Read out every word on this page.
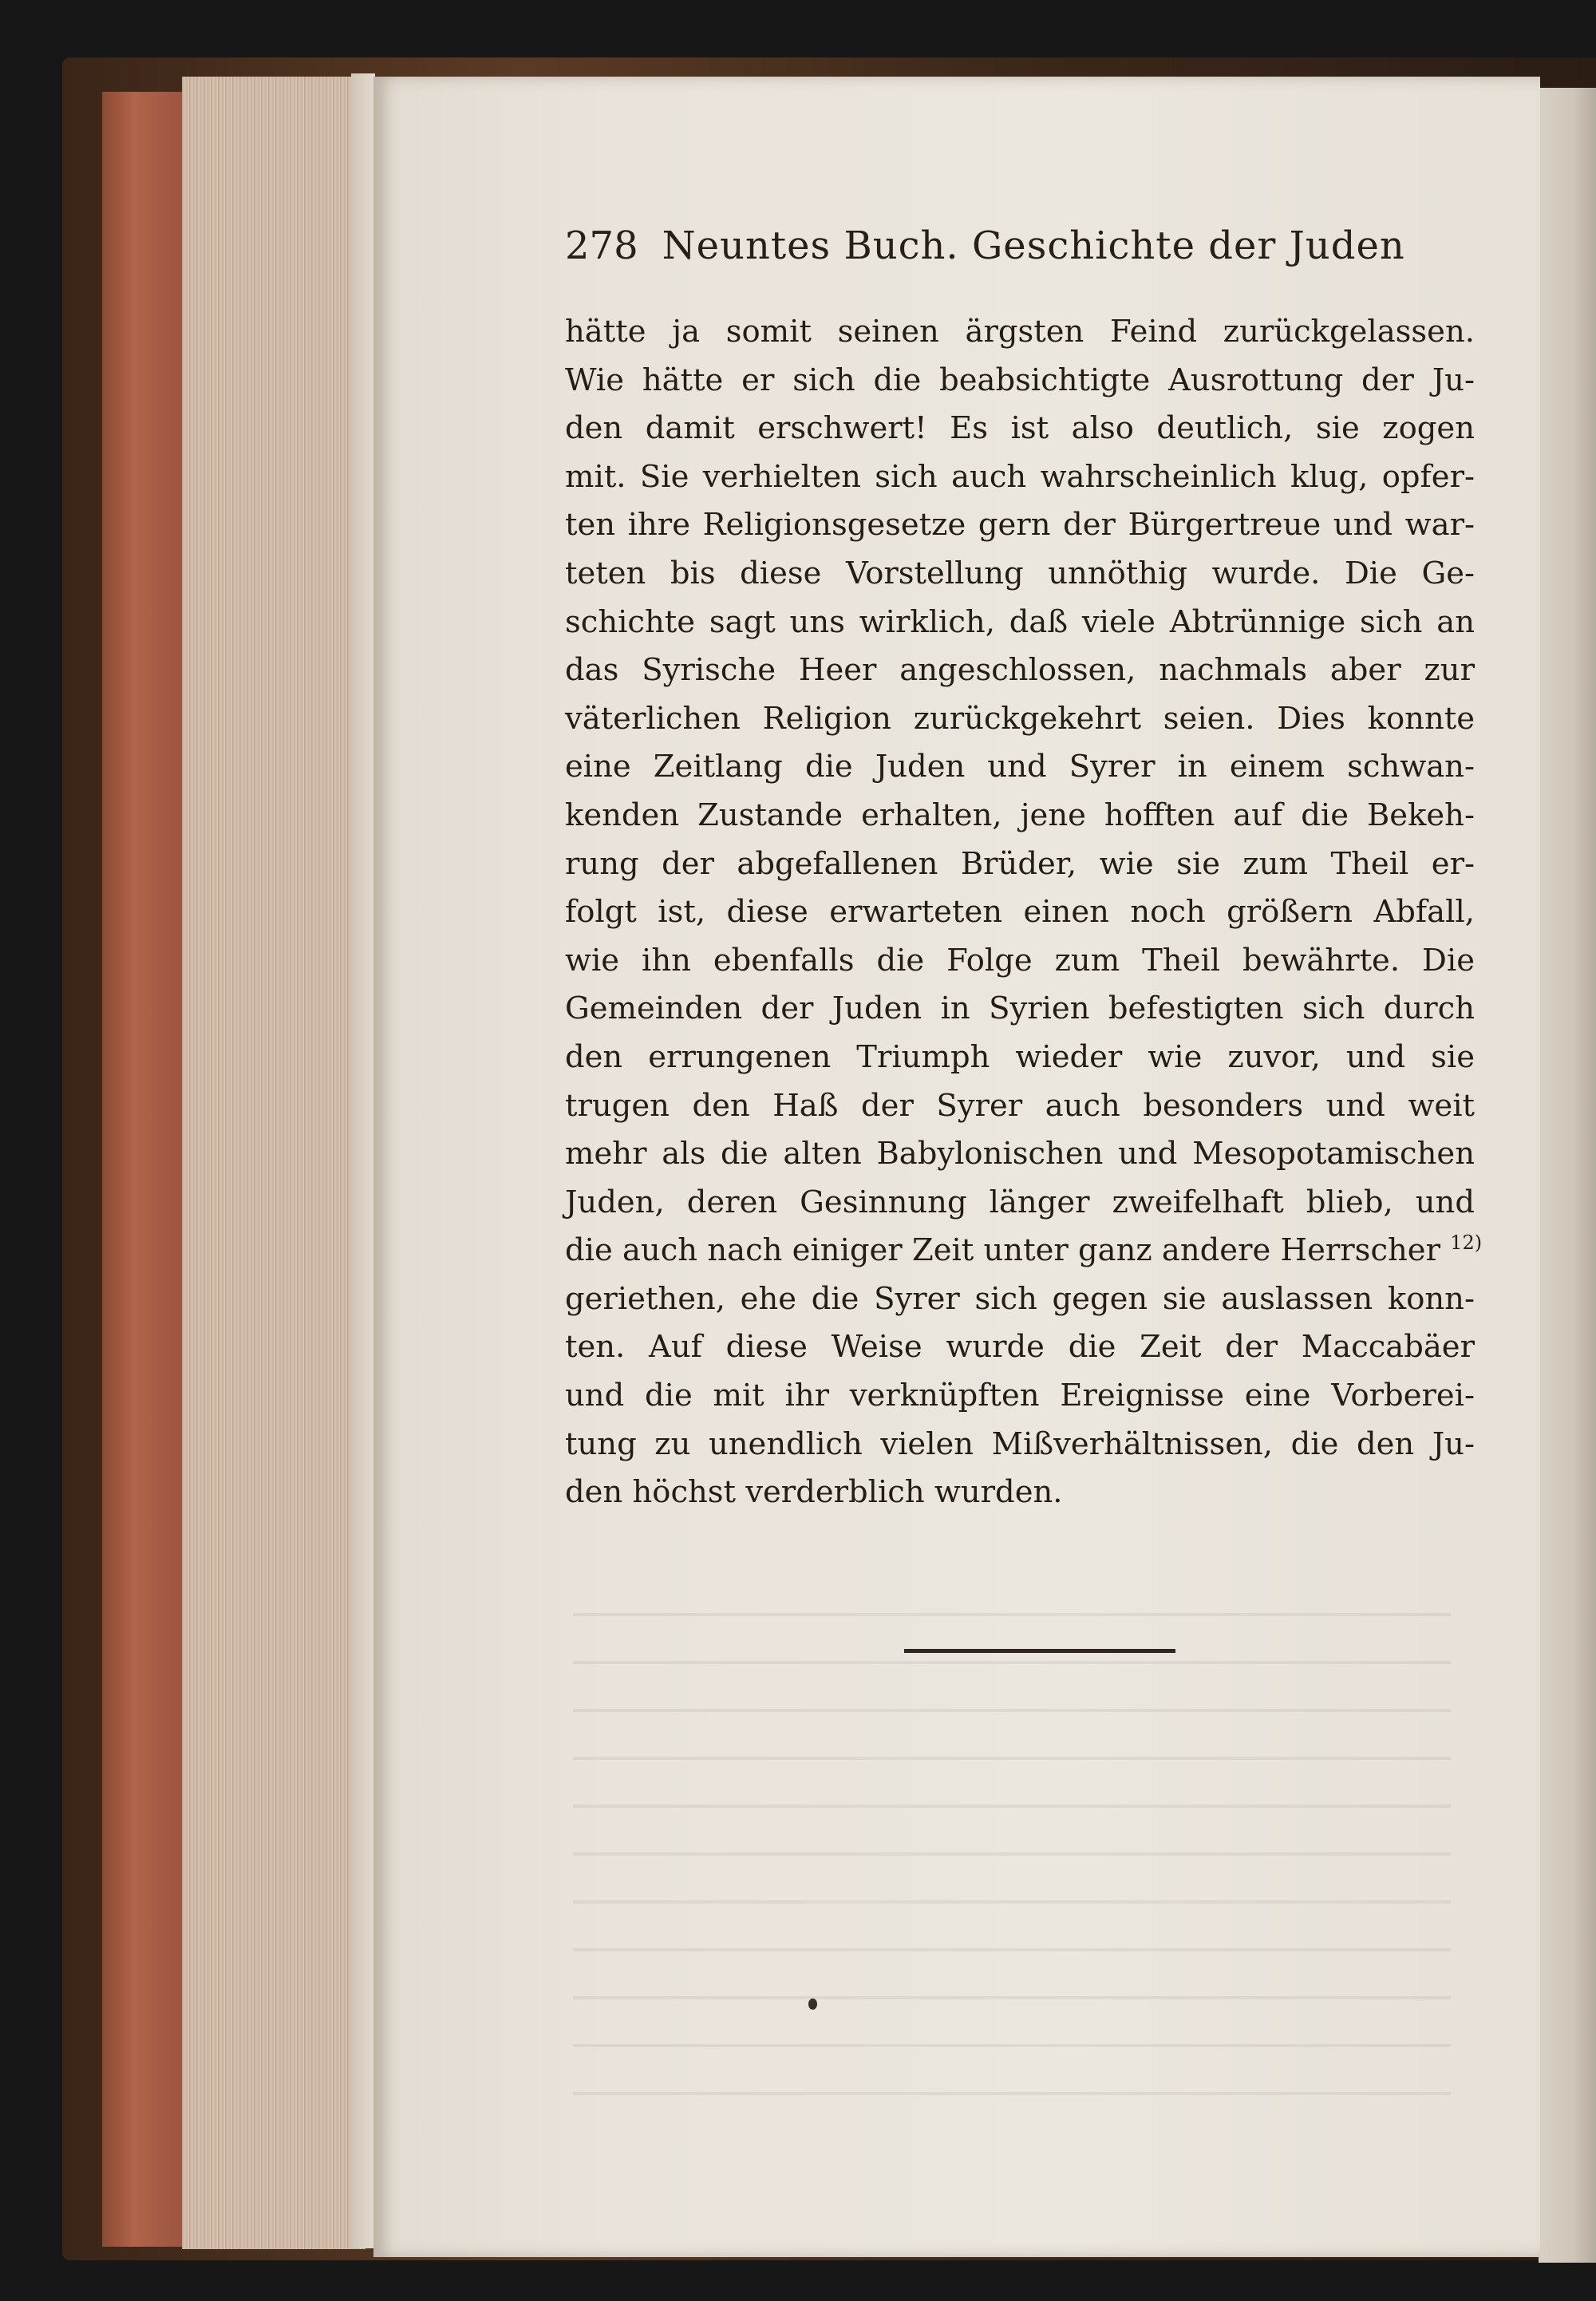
278 Neuntes Buch. Geschichte der Juden
hätte ja somit seinen ärgsten Feind zurückgelassen.
Wie hätte er sich die beabsichtigte Ausrottung der Ju-
den damit erschwert! Es ist also deutlich, sie zogen
mit. Sie verhielten sich auch wahrscheinlich klug, opfer-
ten ihre Religionsgesetze gern der Bürgertreue und war-
teten bis diese Vorstellung unnöthig wurde. Die Ge-
schichte sagt uns wirklich, daß viele Abtrünnige sich an
das Syrische Heer angeschlossen, nachmals aber zur
väterlichen Religion zurückgekehrt seien. Dies konnte
eine Zeitlang die Juden und Syrer in einem schwan-
kenden Zustande erhalten, jene hofften auf die Bekeh-
rung der abgefallenen Brüder, wie sie zum Theil er-
folgt ist, diese erwarteten einen noch größern Abfall,
wie ihn ebenfalls die Folge zum Theil bewährte. Die
Gemeinden der Juden in Syrien befestigten sich durch
den errungenen Triumph wieder wie zuvor, und sie
trugen den Haß der Syrer auch besonders und weit
mehr als die alten Babylonischen und Mesopotamischen
Juden, deren Gesinnung länger zweifelhaft blieb, und
die auch nach einiger Zeit unter ganz andere Herrscher $^{12)}$
geriethen, ehe die Syrer sich gegen sie auslassen konn-
ten. Auf diese Weise wurde die Zeit der Maccabäer
und die mit ihr verknüpften Ereignisse eine Vorberei-
tung zu unendlich vielen Mißverhältnissen, die den Ju-
den höchst verderblich wurden.
